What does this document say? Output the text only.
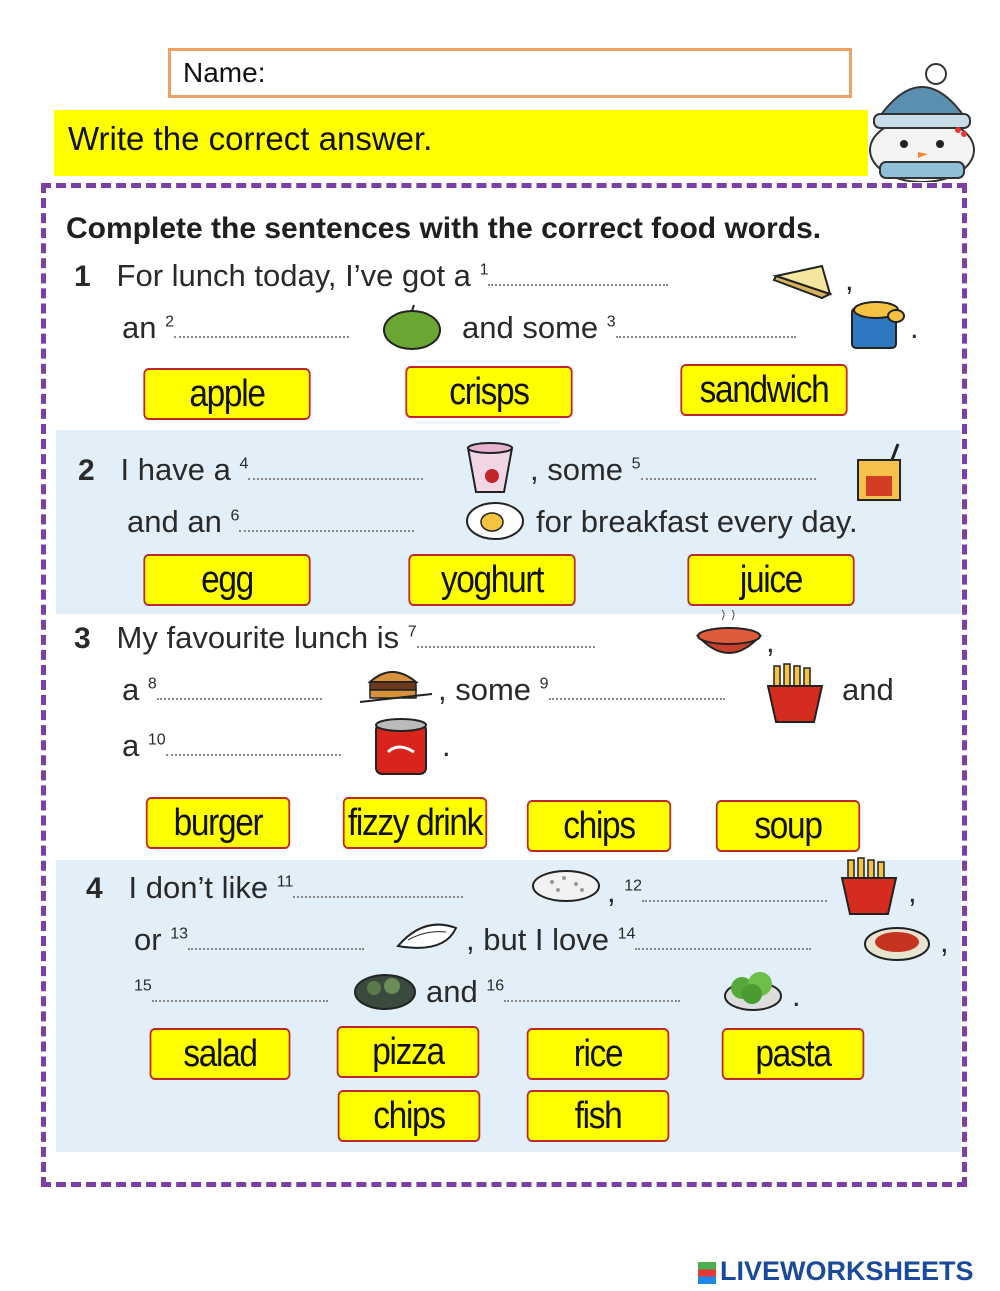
Name:
Write the correct answer.
Complete the sentences with the correct food words.
1 For lunch today, I’ve got a $^1$	,
an $^2$	and some $^3$	.
apple	crisps	sandwich
2 I have a $^4$	, some $^5$
and an $^6$	for breakfast every day.
egg	yoghurt	juice
3 My favourite lunch is $^7$	,
a $^8$	, some $^9$	and
a $^{10}$	.
burger	fizzy drink	chips	soup
4 I don’t like $^{11}$	, $^{12}$	,
or $^{13}$	, but I love $^{14}$	,
$^{15}$	and $^{16}$	.
salad	pizza	rice	pasta
chips	fish
LIVEWORKSHEETS
